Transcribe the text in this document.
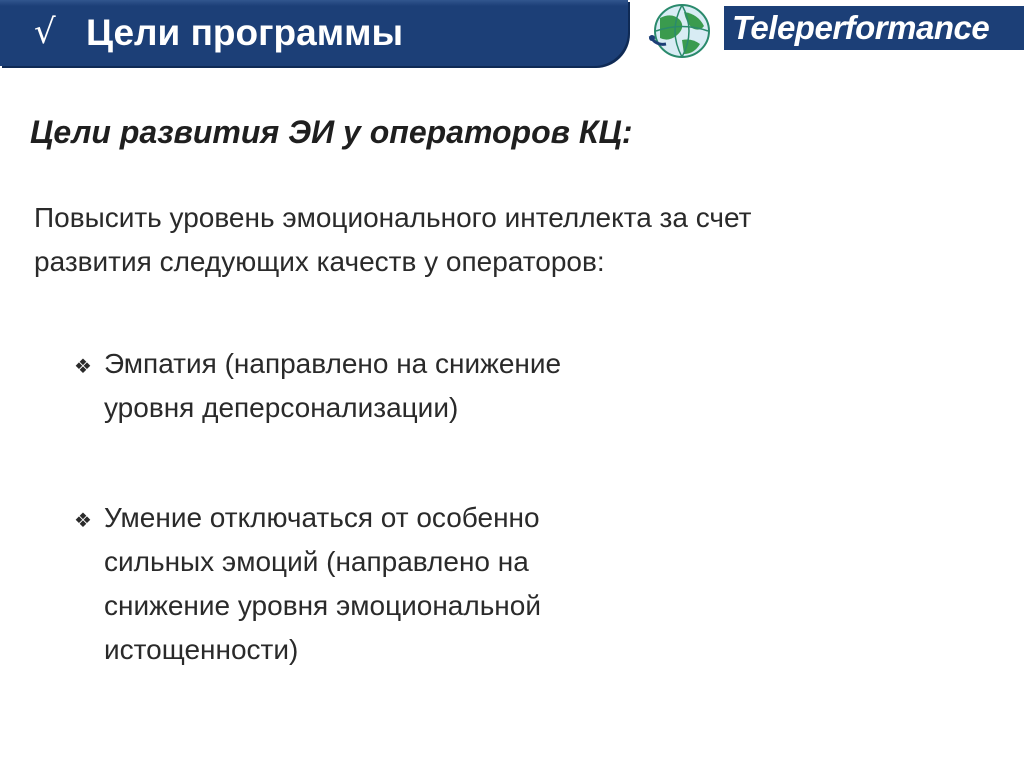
√ Цели программы	Teleperformance
Цели развития ЭИ у операторов КЦ:
Повысить уровень эмоционального интеллекта за счет
развития следующих качеств у операторов:
❖ Эмпатия (направлено на снижение
уровня деперсонализации)
❖ Умение отключаться от особенно
сильных эмоций (направлено на
снижение уровня эмоциональной
истощенности)
